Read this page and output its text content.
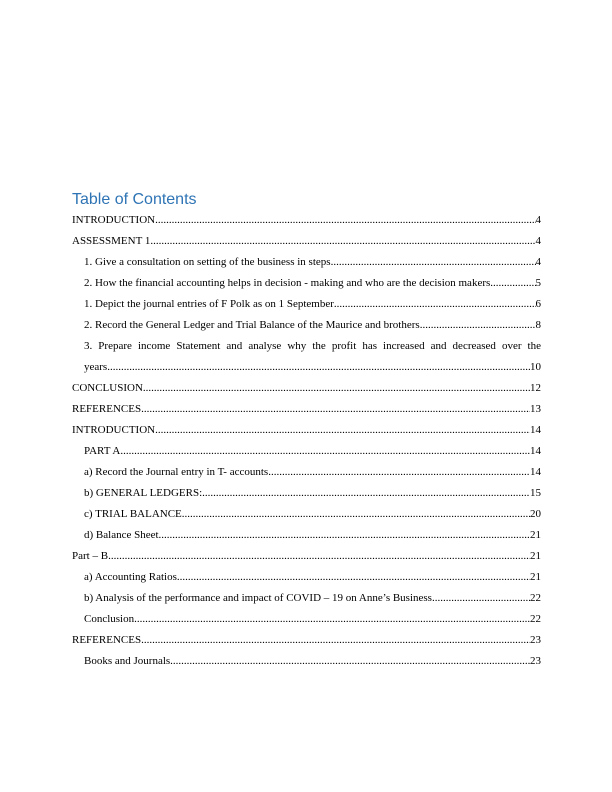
Table of Contents
INTRODUCTION .....	4
ASSESSMENT 1 .....	4
1. Give a consultation on setting of the business in steps .....	4
2. How the financial accounting helps in decision - making and who are the decision makers .....	5
1. Depict the journal entries of F Polk as on 1 September .....	6
2. Record the General Ledger and Trial Balance of the Maurice and brothers .....	8
3. Prepare income Statement and analyse why the profit has increased and decreased over the
years .....	10
CONCLUSION .....	12
REFERENCES .....	13
INTRODUCTION .....	14
PART A .....	14
a) Record the Journal entry in T- accounts .....	14
b) GENERAL LEDGERS: .....	15
c) TRIAL BALANCE .....	20
d) Balance Sheet .....	21
Part – B .....	21
a) Accounting Ratios .....	21
b) Analysis of the performance and impact of COVID – 19 on Anne’s Business .....	22
Conclusion .....	22
REFERENCES .....	23
Books and Journals .....	23
